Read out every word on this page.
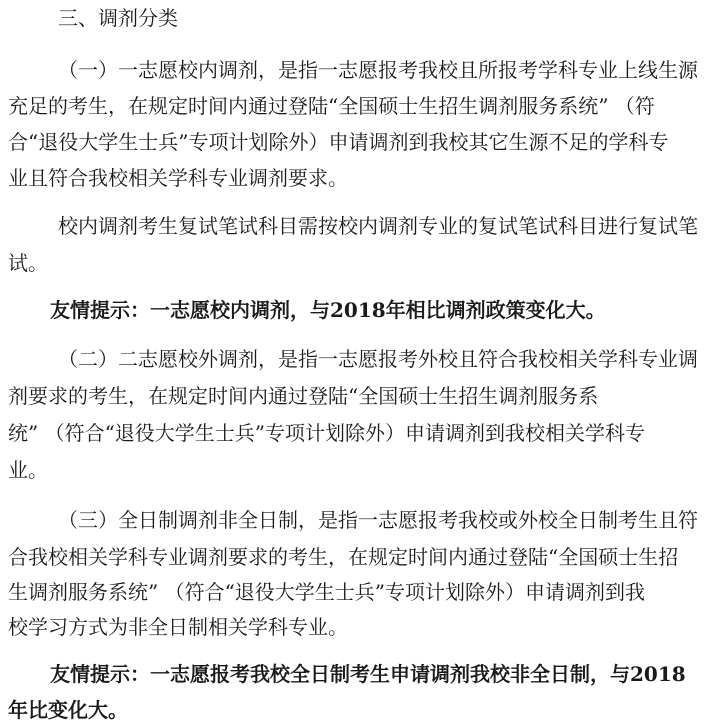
三、调剂分类
（一）一志愿校内调剂，是指一志愿报考我校且所报考学科专业上线生源
充足的考生，在规定时间内通过登陆“全国硕士生招生调剂服务系统” （符
合“退役大学生士兵”专项计划除外）申请调剂到我校其它生源不足的学科专
业且符合我校相关学科专业调剂要求。
校内调剂考生复试笔试科目需按校内调剂专业的复试笔试科目进行复试笔
试。
友情提示：一志愿校内调剂，与2018年相比调剂政策变化大。
（二）二志愿校外调剂，是指一志愿报考外校且符合我校相关学科专业调
剂要求的考生，在规定时间内通过登陆“全国硕士生招生调剂服务系
统” （符合“退役大学生士兵”专项计划除外）申请调剂到我校相关学科专
业。
（三）全日制调剂非全日制，是指一志愿报考我校或外校全日制考生且符
合我校相关学科专业调剂要求的考生，在规定时间内通过登陆“全国硕士生招
生调剂服务系统” （符合“退役大学生士兵”专项计划除外）申请调剂到我
校学习方式为非全日制相关学科专业。
友情提示：一志愿报考我校全日制考生申请调剂我校非全日制，与2018
年比变化大。
